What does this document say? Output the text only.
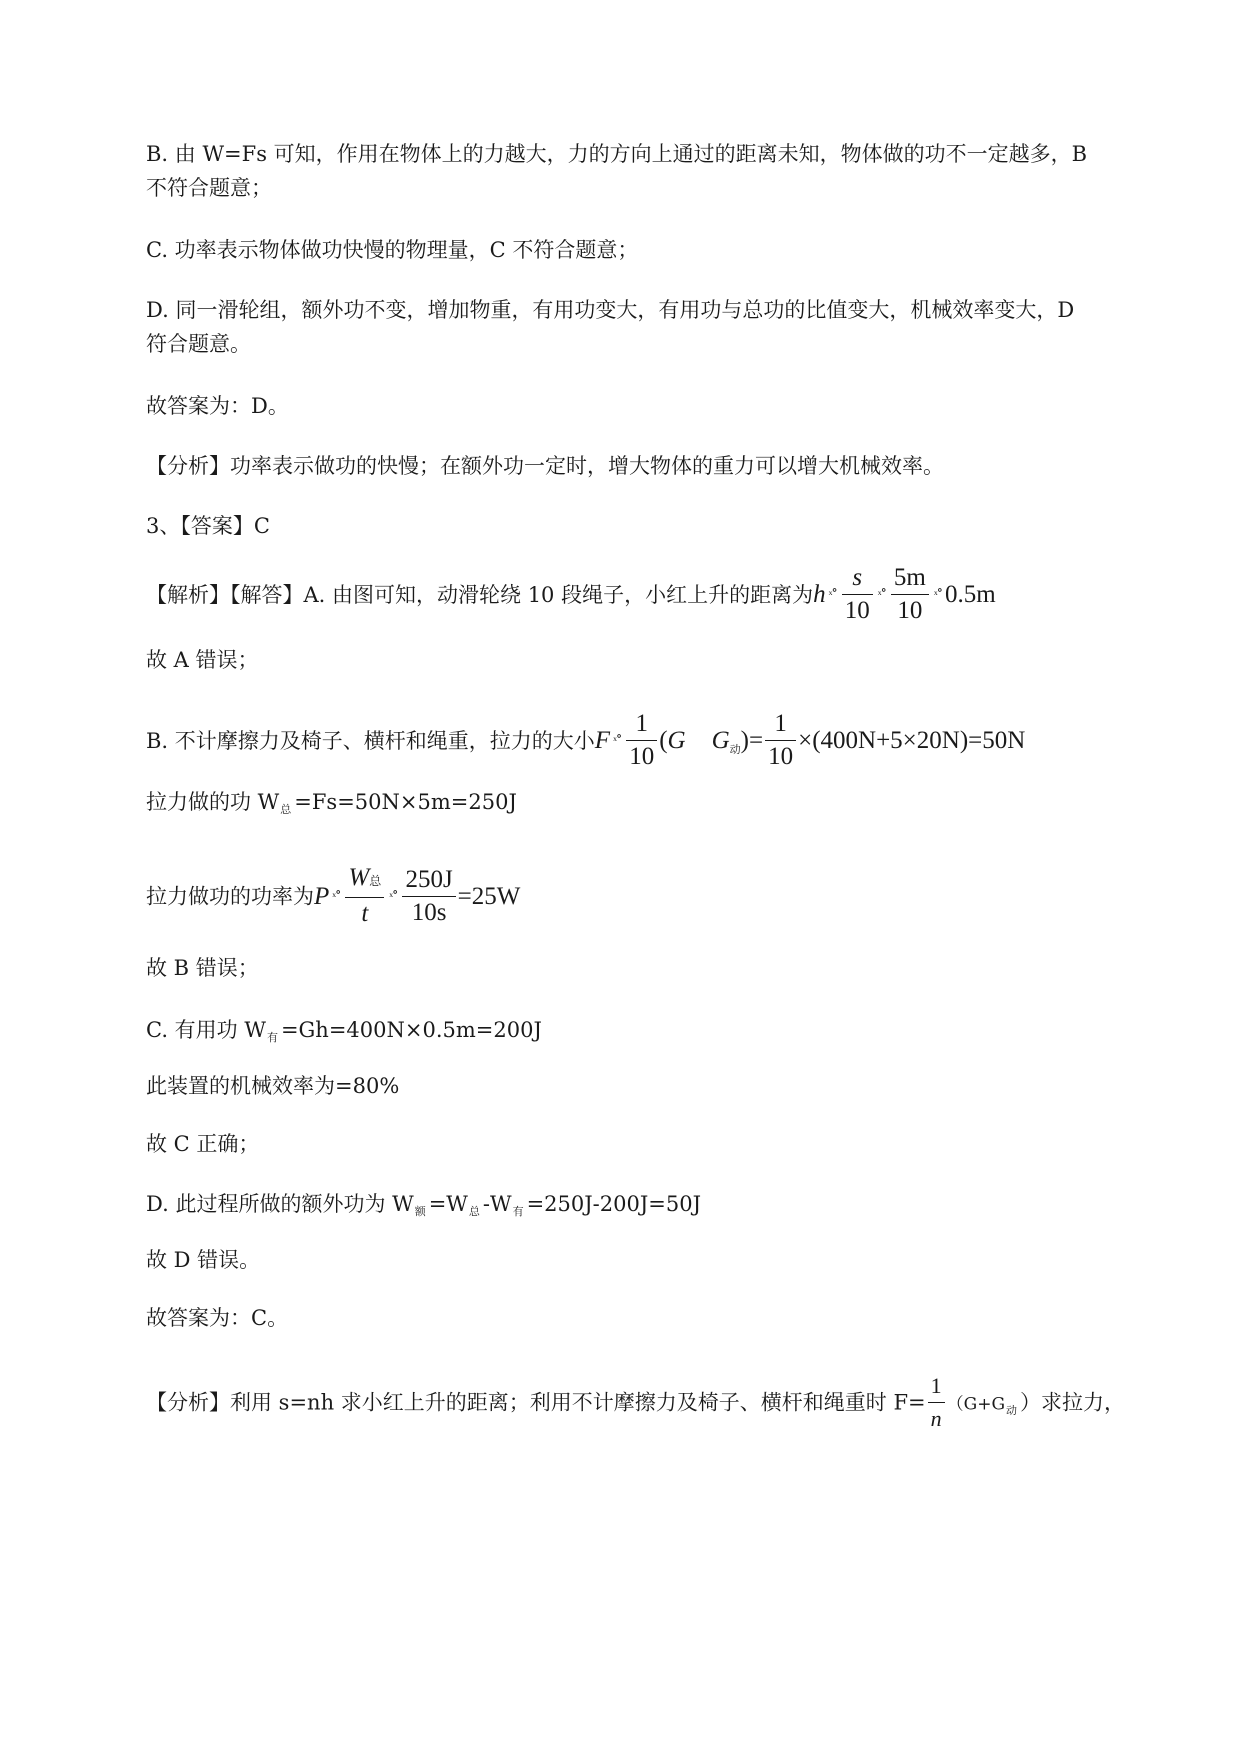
B. 由 W=Fs 可知，作用在物体上的力越大，力的方向上通过的距离未知，物体做的功不一定越多，B
不符合题意；
C. 功率表示物体做功快慢的物理量，C 不符合题意；
D. 同一滑轮组，额外功不变，增加物重，有用功变大，有用功与总功的比值变大，机械效率变大，D
符合题意。
故答案为：D。
【分析】功率表示做功的快慢；在额外功一定时，增大物体的重力可以增大机械效率。
3、【答案】C
【解析】【解答】A. 由图可知，动滑轮绕 10 段绳子，小红上升的距离为h $^{_x\circ} \frac{s}{10} ^{_x\circ} \frac{5m}{10} ^{_x\circ}$ 0.5m
故 A 错误；
B. 不计摩擦力及椅子、横杆和绳重，拉力的大小F $^{_x\circ} \frac{1}{10} (G$ $G_动)= \frac{1}{10} \times(400N+5\times 20N)=50N$
拉力做的功 $W_总 =Fs=50N\times 5m=250J$
拉力做功的功率为P $^{_x\circ} \frac{\text{W总}}{t} ^{_x\circ} \frac{250J}{10s} =25W$
故 B 错误；
C. 有用功 $W_有 =Gh=400N\times 0.5m=200J$
此装置的机械效率为=80%
故 C 正确；
D. 此过程所做的额外功为 $W_额 =W_总$ $-W_有 =250J-200J=50J$
故 D 错误。
故答案为：C。
【分析】利用 s=nh 求小红上升的距离；利用不计摩擦力及椅子、横杆和绳重时 $F= \frac{1}{n} (G+G_动$ ）求拉力，
